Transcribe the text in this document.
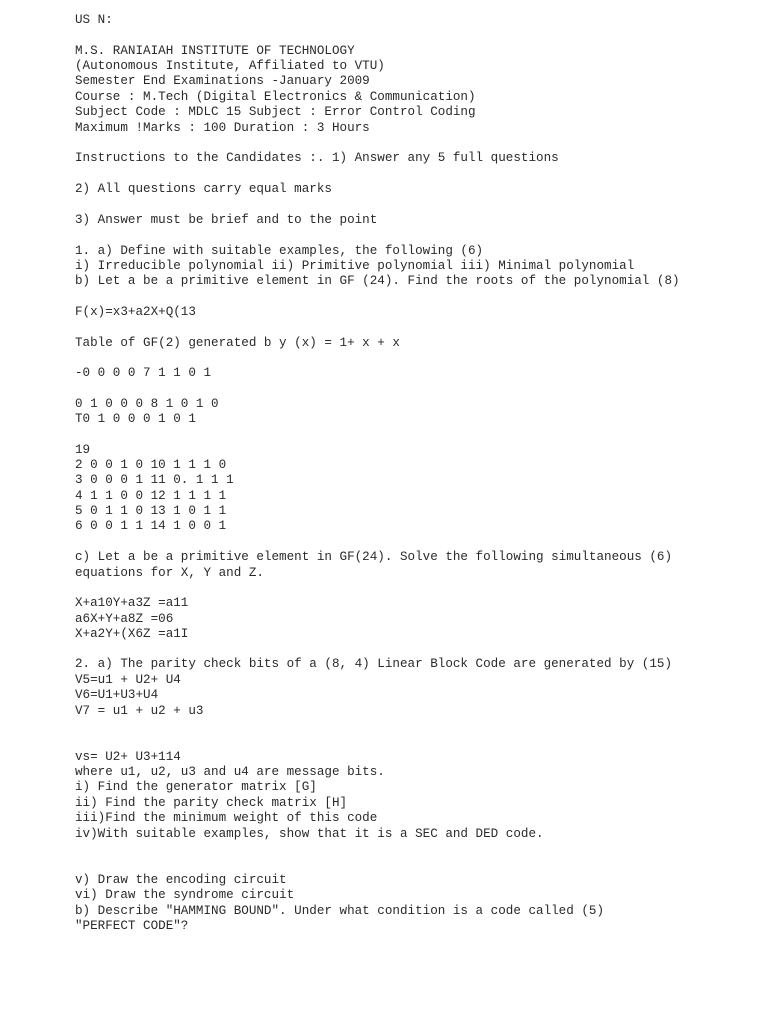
US N:
M.S. RANIAIAH INSTITUTE OF TECHNOLOGY
(Autonomous Institute, Affiliated to VTU)
Semester End Examinations -January 2009
Course : M.Tech (Digital Electronics & Communication)
Subject Code : MDLC 15 Subject : Error Control Coding
Maximum !Marks : 100 Duration : 3 Hours
Instructions to the Candidates :. 1) Answer any 5 full questions
2) All questions carry equal marks
3) Answer must be brief and to the point
1. a) Define with suitable examples, the following (6)
i) Irreducible polynomial ii) Primitive polynomial iii) Minimal polynomial
b) Let a be a primitive element in GF (24). Find the roots of the polynomial (8)
F(x)=x3+a2X+Q(13
Table of GF(2) generated b y (x) = 1+ x + x
-0 0 0 0 7 1 1 0 1
0 1 0 0 0 8 1 0 1 0
T0 1 0 0 0 1 0 1
19
2 0 0 1 0 10 1 1 1 0
3 0 0 0 1 11 0. 1 1 1
4 1 1 0 0 12 1 1 1 1
5 0 1 1 0 13 1 0 1 1
6 0 0 1 1 14 1 0 0 1
c) Let a be a primitive element in GF(24). Solve the following simultaneous (6)
equations for X, Y and Z.
X+a10Y+a3Z =a11
a6X+Y+a8Z =06
X+a2Y+(X6Z =a1I
2. a) The parity check bits of a (8, 4) Linear Block Code are generated by (15)
V5=u1 + U2+ U4
V6=U1+U3+U4
V7 = u1 + u2 + u3
vs= U2+ U3+114
where u1, u2, u3 and u4 are message bits.
i) Find the generator matrix [G]
ii) Find the parity check matrix [H]
iii)Find the minimum weight of this code
iv)With suitable examples, show that it is a SEC and DED code.
v) Draw the encoding circuit
vi) Draw the syndrome circuit
b) Describe "HAMMING BOUND". Under what condition is a code called (5)
"PERFECT CODE"?
